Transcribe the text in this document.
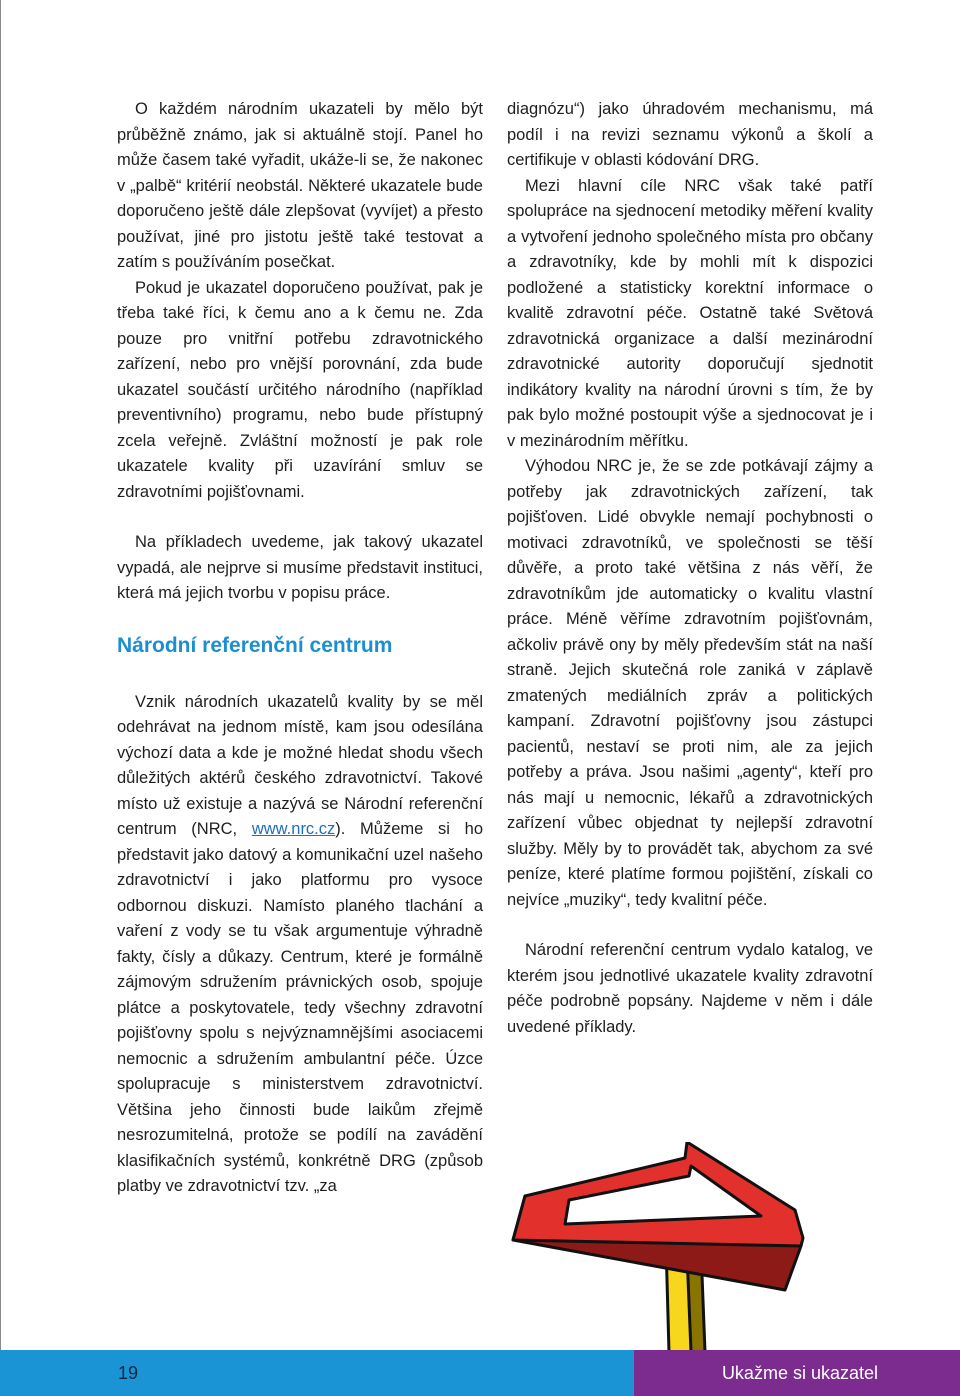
O každém národním ukazateli by mělo být průběžně známo, jak si aktuálně stojí. Panel ho může časem také vyřadit, ukáže-li se, že nakonec v „palbě“ kritérií neobstál. Některé ukazatele bude doporučeno ještě dále zlepšovat (vyvíjet) a přesto používat, jiné pro jistotu ještě také testovat a zatím s používáním posečkat.

Pokud je ukazatel doporučeno používat, pak je třeba také říci, k čemu ano a k čemu ne. Zda pouze pro vnitřní potřebu zdravotnického zařízení, nebo pro vnější porovnání, zda bude ukazatel součástí určitého národního (například preventivního) programu, nebo bude přístupný zcela veřejně. Zvláštní možností je pak role ukazatele kvality při uzavírání smluv se zdravotními pojišťovnami.

Na příkladech uvedeme, jak takový ukazatel vypadá, ale nejprve si musíme představit instituci, která má jejich tvorbu v popisu práce.

Národní referenční centrum

Vznik národních ukazatelů kvality by se měl odehrávat na jednom místě, kam jsou odesílána výchozí data a kde je možné hledat shodu všech důležitých aktérů českého zdravotnictví. Takové místo už existuje a nazývá se Národní referenční centrum (NRC, www.nrc.cz). Můžeme si ho představit jako datový a komunikační uzel našeho zdravotnictví i jako platformu pro vysoce odbornou diskuzi. Namísto planého tlachání a vaření z vody se tu však argumentuje výhradně fakty, čísly a důkazy. Centrum, které je formálně zájmovým sdružením právnických osob, spojuje plátce a poskytovatele, tedy všechny zdravotní pojišťovny spolu s nejvýznamnějšími asociacemi nemocnic a sdružením ambulantní péče. Úzce spolupracuje s ministerstvem zdravotnictví. Většina jeho činnosti bude laikům zřejmě nesrozumitelná, protože se podílí na zavádění klasifikačních systémů, konkrétně DRG (způsob platby ve zdravotnictví tzv. „za

diagnózu“) jako úhradovém mechanismu, má podíl i na revizi seznamu výkonů a školí a certifikuje v oblasti kódování DRG.

Mezi hlavní cíle NRC však také patří spolupráce na sjednocení metodiky měření kvality a vytvoření jednoho společného místa pro občany a zdravotníky, kde by mohli mít k dispozici podložené a statisticky korektní informace o kvalitě zdravotní péče. Ostatně také Světová zdravotnická organizace a další mezinárodní zdravotnické autority doporučují sjednotit indikátory kvality na národní úrovni s tím, že by pak bylo možné postoupit výše a sjednocovat je i v mezinárodním měřítku.

Výhodou NRC je, že se zde potkávají zájmy a potřeby jak zdravotnických zařízení, tak pojišťoven. Lidé obvykle nemají pochybnosti o motivaci zdravotníků, ve společnosti se těší důvěře, a proto také většina z nás věří, že zdravotníkům jde automaticky o kvalitu vlastní práce. Méně věříme zdravotním pojišťovnám, ačkoliv právě ony by měly především stát na naší straně. Jejich skutečná role zaniká v záplavě zmatených mediálních zpráv a politických kampaní. Zdravotní pojišťovny jsou zástupci pacientů, nestaví se proti nim, ale za jejich potřeby a práva. Jsou našimi „agenty“, kteří pro nás mají u nemocnic, lékařů a zdravotnických zařízení vůbec objednat ty nejlepší zdravotní služby. Měly by to provádět tak, abychom za své peníze, které platíme formou pojištění, získali co nejvíce „muziky“, tedy kvalitní péče.

Národní referenční centrum vydalo katalog, ve kterém jsou jednotlivé ukazatele kvality zdravotní péče podrobně popsány. Najdeme v něm i dále uvedené příklady.

19	Ukažme si ukazatel
